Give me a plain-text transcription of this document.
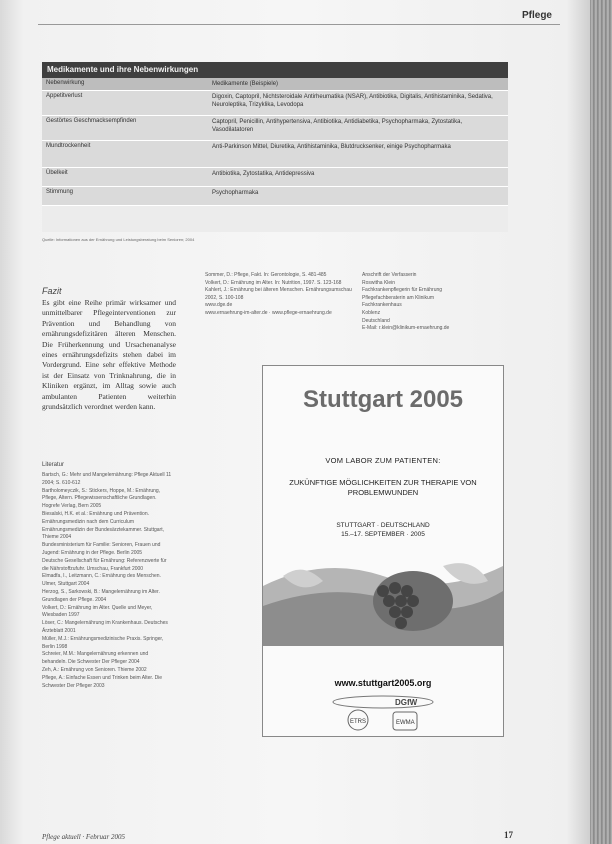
Pflege
Medikamente und ihre Nebenwirkungen
Nebenwirkung	Medikamente (Beispiele)
Appetitverlust	Digoxin, Captopril, Nichtsteroidale Antirheumatika (NSAR), Antibiotika, Digitalis, Antihistaminika, Sedativa, Neuroleptika, Trizyklika, Levodopa
Gestörtes Geschmacksempfinden	Captopril, Penicillin, Antihypertensiva, Antibiotika, Antidiabetika, Psychopharmaka, Zytostatika, Vasodilatatoren
Mundtrockenheit	Anti-Parkinson Mittel, Diuretika, Antihistaminika, Blutdrucksenker, einige Psychopharmaka
Übelkeit	Antibiotika, Zytostatika, Antidepressiva
Stimmung	Psychopharmaka
Quelle: Informationen aus der Ernährung und Leistungsberatung beim Senioren; 2004
Fazit
Es gibt eine Reihe primär wirksamer und unmittelbarer Pflegeinterventionen zur Prävention und Behandlung von ernährungsdefizitären älteren Menschen. Die Früherkennung und Ursachenanalyse eines ernährungsdefizits stehen dabei im Vordergrund. Eine sehr effektive Methode ist der Einsatz von Trinknahrung, die in Kliniken ergänzt, im Alltag sowie auch ambulanten Patienten weiterhin grundsätzlich verordnet werden kann.
Literatur
Bartsch, G.: Mehr und Mangelernährung: Pflege Aktuell 11 2004; S. 610-612
Bartholomeyczik, S.: Stickers, Hoppe, M.: Ernährung, Pflege, Altern. Pflegewissenschaftliche Grundlagen. Hogrefe Verlag, Bern 2005
Biesalski, H.K. et al.: Ernährung und Prävention. Ernährungsmedizin nach dem Curriculum Ernährungsmedizin der Bundesärztekammer. Stuttgart, Thieme 2004
Bundesministerium für Familie: Senioren, Frauen und Jugend: Ernährung in der Pflege. Berlin 2005
Deutsche Gesellschaft für Ernährung: Referenzwerte für die Nährstoffzufuhr. Umschau, Frankfurt 2000
Elmadfa, I., Leitzmann, C.: Ernährung des Menschen. Ulmer, Stuttgart 2004
Herzog, S., Sarkowski, B.: Mangelernährung im Alter. Grundlagen der Pflege. 2004
Volkert, D.: Ernährung im Alter. Quelle und Meyer, Wiesbaden 1997
Löser, C.: Mangelernährung im Krankenhaus. Deutsches Ärzteblatt 2001
Müller, M.J.: Ernährungsmedizinische Praxis. Springer, Berlin 1998
Schreier, M.M.: Mangelernährung erkennen und behandeln. Die Schwester Der Pfleger 2004
Zeh, A.: Ernährung von Senioren. Thieme 2002
Pflege, A.: Einfache Essen und Trinken beim Alter. Die Schwester Der Pfleger 2003
Sommer, D.: Pflege, Fakt. In: Gerontologie, S. 481-485
Volkert, D.: Ernährung im Alter. In: Nutrition, 1997. S. 123-168
Kahlert, J.: Ernährung bei älteren Menschen. Ernährungsumschau 2002, S. 100-108
www.dge.de
www.ernaehrung-im-alter.de · www.pflege-ernaehrung.de
Anschrift der Verfasserin
Roswitha Klein
Fachkrankenpflegerin für Ernährung
Pflegefachberaterin am Klinikum
Fachkrankenhaus
Koblenz
Deutschland
E-Mail: r.klein@klinikum-ernaehrung.de
Stuttgart 2005
VOM LABOR ZUM PATIENTEN:
ZUKÜNFTIGE MÖGLICHKEITEN ZUR THERAPIE VON PROBLEMWUNDEN
STUTTGART · DEUTSCHLAND
15.–17. SEPTEMBER · 2005
www.stuttgart2005.org
DGfW
ETRS	EWMA
Pflege aktuell · Februar 2005	17
